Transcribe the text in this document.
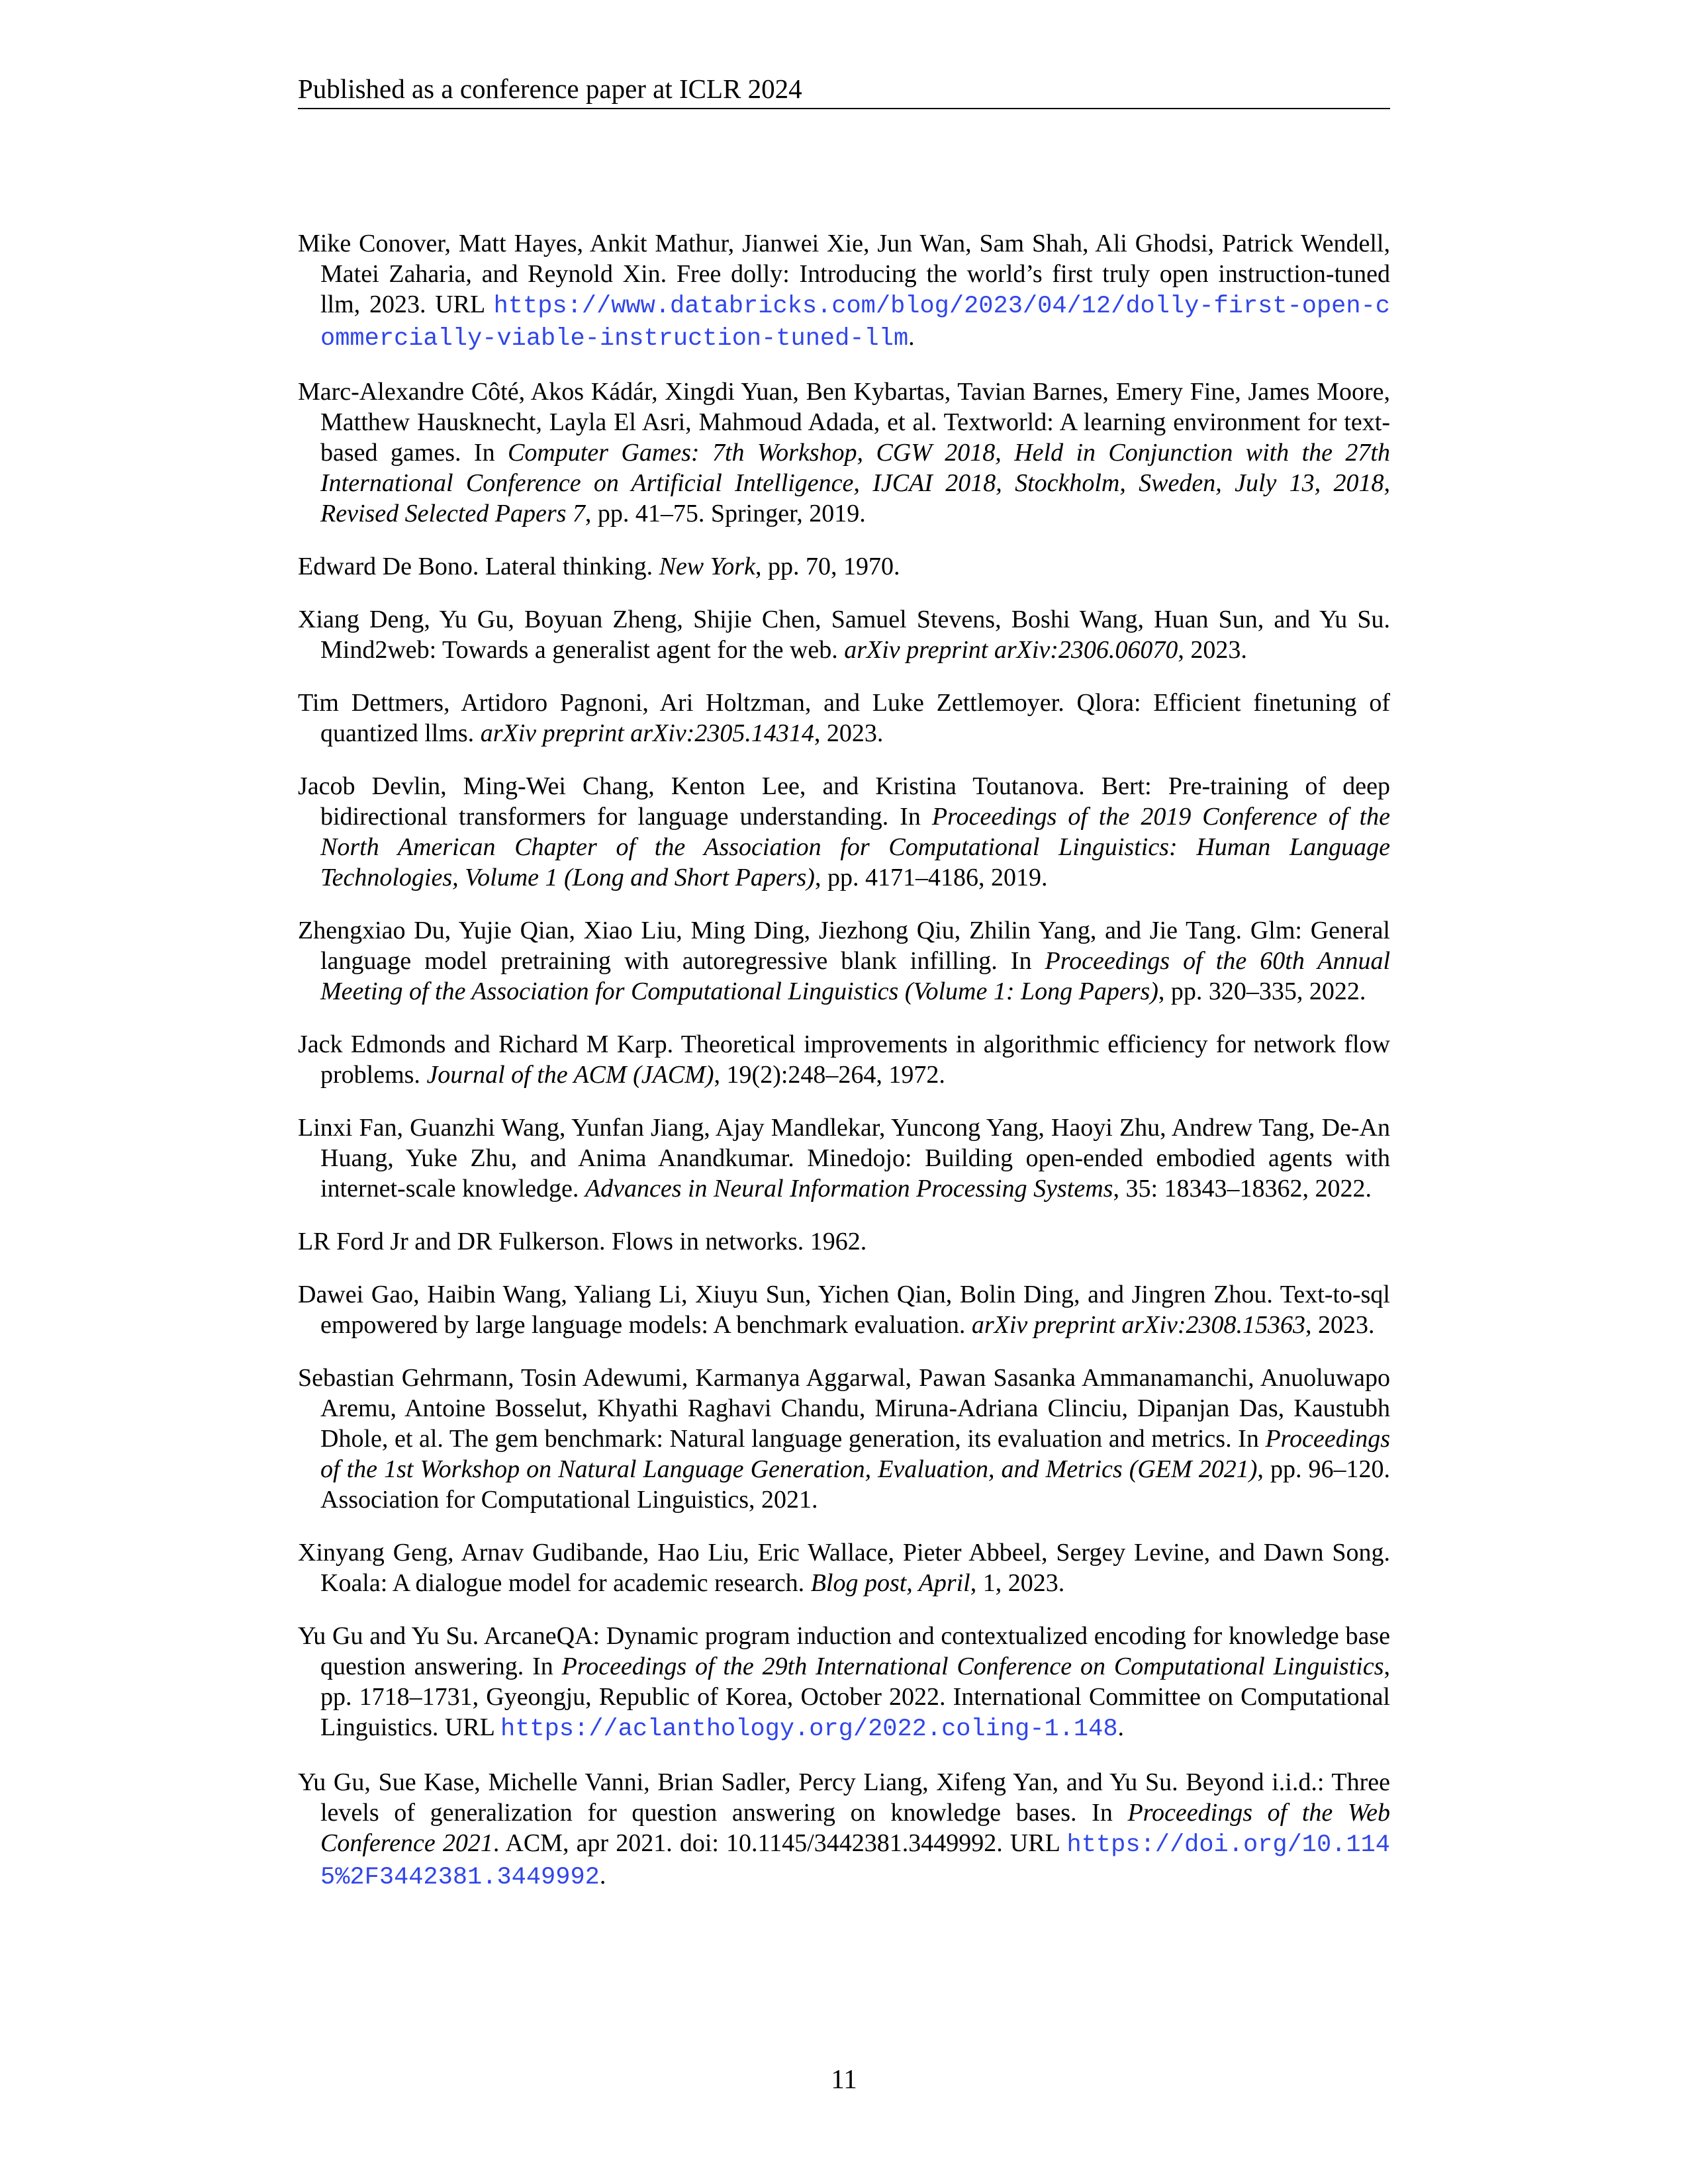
Published as a conference paper at ICLR 2024

Mike Conover, Matt Hayes, Ankit Mathur, Jianwei Xie, Jun Wan, Sam Shah, Ali Ghodsi, Patrick Wendell, Matei Zaharia, and Reynold Xin. Free dolly: Introducing the world’s first truly open instruction-tuned llm, 2023. URL https://www.databricks.com/blog/2023/04/12/dolly-first-open-commercially-viable-instruction-tuned-llm.

Marc-Alexandre Côté, Akos Kádár, Xingdi Yuan, Ben Kybartas, Tavian Barnes, Emery Fine, James Moore, Matthew Hausknecht, Layla El Asri, Mahmoud Adada, et al. Textworld: A learning environment for text-based games. In Computer Games: 7th Workshop, CGW 2018, Held in Conjunction with the 27th International Conference on Artificial Intelligence, IJCAI 2018, Stockholm, Sweden, July 13, 2018, Revised Selected Papers 7, pp. 41–75. Springer, 2019.

Edward De Bono. Lateral thinking. New York, pp. 70, 1970.

Xiang Deng, Yu Gu, Boyuan Zheng, Shijie Chen, Samuel Stevens, Boshi Wang, Huan Sun, and Yu Su. Mind2web: Towards a generalist agent for the web. arXiv preprint arXiv:2306.06070, 2023.

Tim Dettmers, Artidoro Pagnoni, Ari Holtzman, and Luke Zettlemoyer. Qlora: Efficient finetuning of quantized llms. arXiv preprint arXiv:2305.14314, 2023.

Jacob Devlin, Ming-Wei Chang, Kenton Lee, and Kristina Toutanova. Bert: Pre-training of deep bidirectional transformers for language understanding. In Proceedings of the 2019 Conference of the North American Chapter of the Association for Computational Linguistics: Human Language Technologies, Volume 1 (Long and Short Papers), pp. 4171–4186, 2019.

Zhengxiao Du, Yujie Qian, Xiao Liu, Ming Ding, Jiezhong Qiu, Zhilin Yang, and Jie Tang. Glm: General language model pretraining with autoregressive blank infilling. In Proceedings of the 60th Annual Meeting of the Association for Computational Linguistics (Volume 1: Long Papers), pp. 320–335, 2022.

Jack Edmonds and Richard M Karp. Theoretical improvements in algorithmic efficiency for network flow problems. Journal of the ACM (JACM), 19(2):248–264, 1972.

Linxi Fan, Guanzhi Wang, Yunfan Jiang, Ajay Mandlekar, Yuncong Yang, Haoyi Zhu, Andrew Tang, De-An Huang, Yuke Zhu, and Anima Anandkumar. Minedojo: Building open-ended embodied agents with internet-scale knowledge. Advances in Neural Information Processing Systems, 35: 18343–18362, 2022.

LR Ford Jr and DR Fulkerson. Flows in networks. 1962.

Dawei Gao, Haibin Wang, Yaliang Li, Xiuyu Sun, Yichen Qian, Bolin Ding, and Jingren Zhou. Text-to-sql empowered by large language models: A benchmark evaluation. arXiv preprint arXiv:2308.15363, 2023.

Sebastian Gehrmann, Tosin Adewumi, Karmanya Aggarwal, Pawan Sasanka Ammanamanchi, Anuoluwapo Aremu, Antoine Bosselut, Khyathi Raghavi Chandu, Miruna-Adriana Clinciu, Dipanjan Das, Kaustubh Dhole, et al. The gem benchmark: Natural language generation, its evaluation and metrics. In Proceedings of the 1st Workshop on Natural Language Generation, Evaluation, and Metrics (GEM 2021), pp. 96–120. Association for Computational Linguistics, 2021.

Xinyang Geng, Arnav Gudibande, Hao Liu, Eric Wallace, Pieter Abbeel, Sergey Levine, and Dawn Song. Koala: A dialogue model for academic research. Blog post, April, 1, 2023.

Yu Gu and Yu Su. ArcaneQA: Dynamic program induction and contextualized encoding for knowledge base question answering. In Proceedings of the 29th International Conference on Computational Linguistics, pp. 1718–1731, Gyeongju, Republic of Korea, October 2022. International Committee on Computational Linguistics. URL https://aclanthology.org/2022.coling-1.148.

Yu Gu, Sue Kase, Michelle Vanni, Brian Sadler, Percy Liang, Xifeng Yan, and Yu Su. Beyond i.i.d.: Three levels of generalization for question answering on knowledge bases. In Proceedings of the Web Conference 2021. ACM, apr 2021. doi: 10.1145/3442381.3449992. URL https://doi.org/10.1145%2F3442381.3449992.

11
